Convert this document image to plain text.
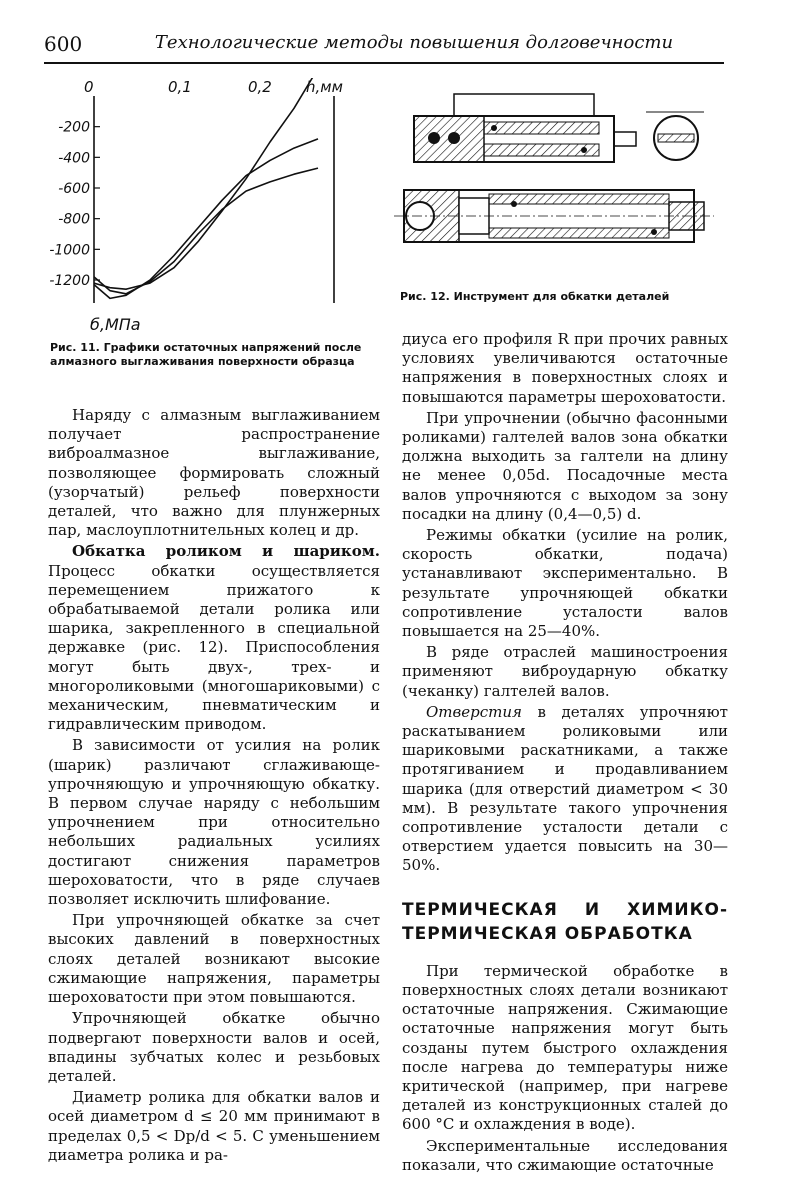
600	Технологические методы повышения долговечности
0	0,1	0,2
-200
-400
-600
-800
-1000
-1200
h,мм
б,МПа
Рис. 11. Графики остаточных напряжений после алмазного выглаживания поверхности образца
Рис. 12. Инструмент для обкатки деталей

Наряду с алмазным выглаживанием получает распространение виброалмазное выглаживание, позволяющее формировать сложный (узорчатый) рельеф поверхности деталей, что важно для плунжерных пар, маслоуплотнительных колец и др.

Обкатка роликом и шариком. Процесс обкатки осуществляется перемещением прижатого к обрабатываемой детали ролика или шарика, закрепленного в специальной державке (рис. 12). Приспособления могут быть двух-, трех- и многороликовыми (многошариковыми) с механическим, пневматическим и гидравлическим приводом.

В зависимости от усилия на ролик (шарик) различают сглаживающе-упрочняющую и упрочняющую обкатку. В первом случае наряду с небольшим упрочнением при относительно небольших радиальных усилиях достигают снижения параметров шероховатости, что в ряде случаев позволяет исключить шлифование.

При упрочняющей обкатке за счет высоких давлений в поверхностных слоях деталей возникают высокие сжимающие напряжения, параметры шероховатости при этом повышаются.

Упрочняющей обкатке обычно подвергают поверхности валов и осей, впадины зубчатых колес и резьбовых деталей.

Диаметр ролика для обкатки валов и осей диаметром d ≤ 20 мм принимают в пределах 0,5 < Dр/d < 5. С уменьшением диаметра ролика и ра-

диуса его профиля R при прочих равных условиях увеличиваются остаточные напряжения в поверхностных слоях и повышаются параметры шероховатости.

При упрочнении (обычно фасонными роликами) галтелей валов зона обкатки должна выходить за галтели на длину не менее 0,05d. Посадочные места валов упрочняются с выходом за зону посадки на длину (0,4—0,5) d.

Режимы обкатки (усилие на ролик, скорость обкатки, подача) устанавливают экспериментально. В результате упрочняющей обкатки сопротивление усталости валов повышается на 25—40%.

В ряде отраслей машиностроения применяют виброударную обкатку (чеканку) галтелей валов.

Отверстия в деталях упрочняют раскатыванием роликовыми или шариковыми раскатниками, а также протягиванием и продавливанием шарика (для отверстий диаметром < 30 мм). В результате такого упрочнения сопротивление усталости детали с отверстием удается повысить на 30—50%.

ТЕРМИЧЕСКАЯ И ХИМИКО-ТЕРМИЧЕСКАЯ ОБРАБОТКА

При термической обработке в поверхностных слоях детали возникают остаточные напряжения. Сжимающие остаточные напряжения могут быть созданы путем быстрого охлаждения после нагрева до температуры ниже критической (например, при нагреве деталей из конструкционных сталей до 600 °С и охлаждения в воде).

Экспериментальные исследования показали, что сжимающие остаточные
